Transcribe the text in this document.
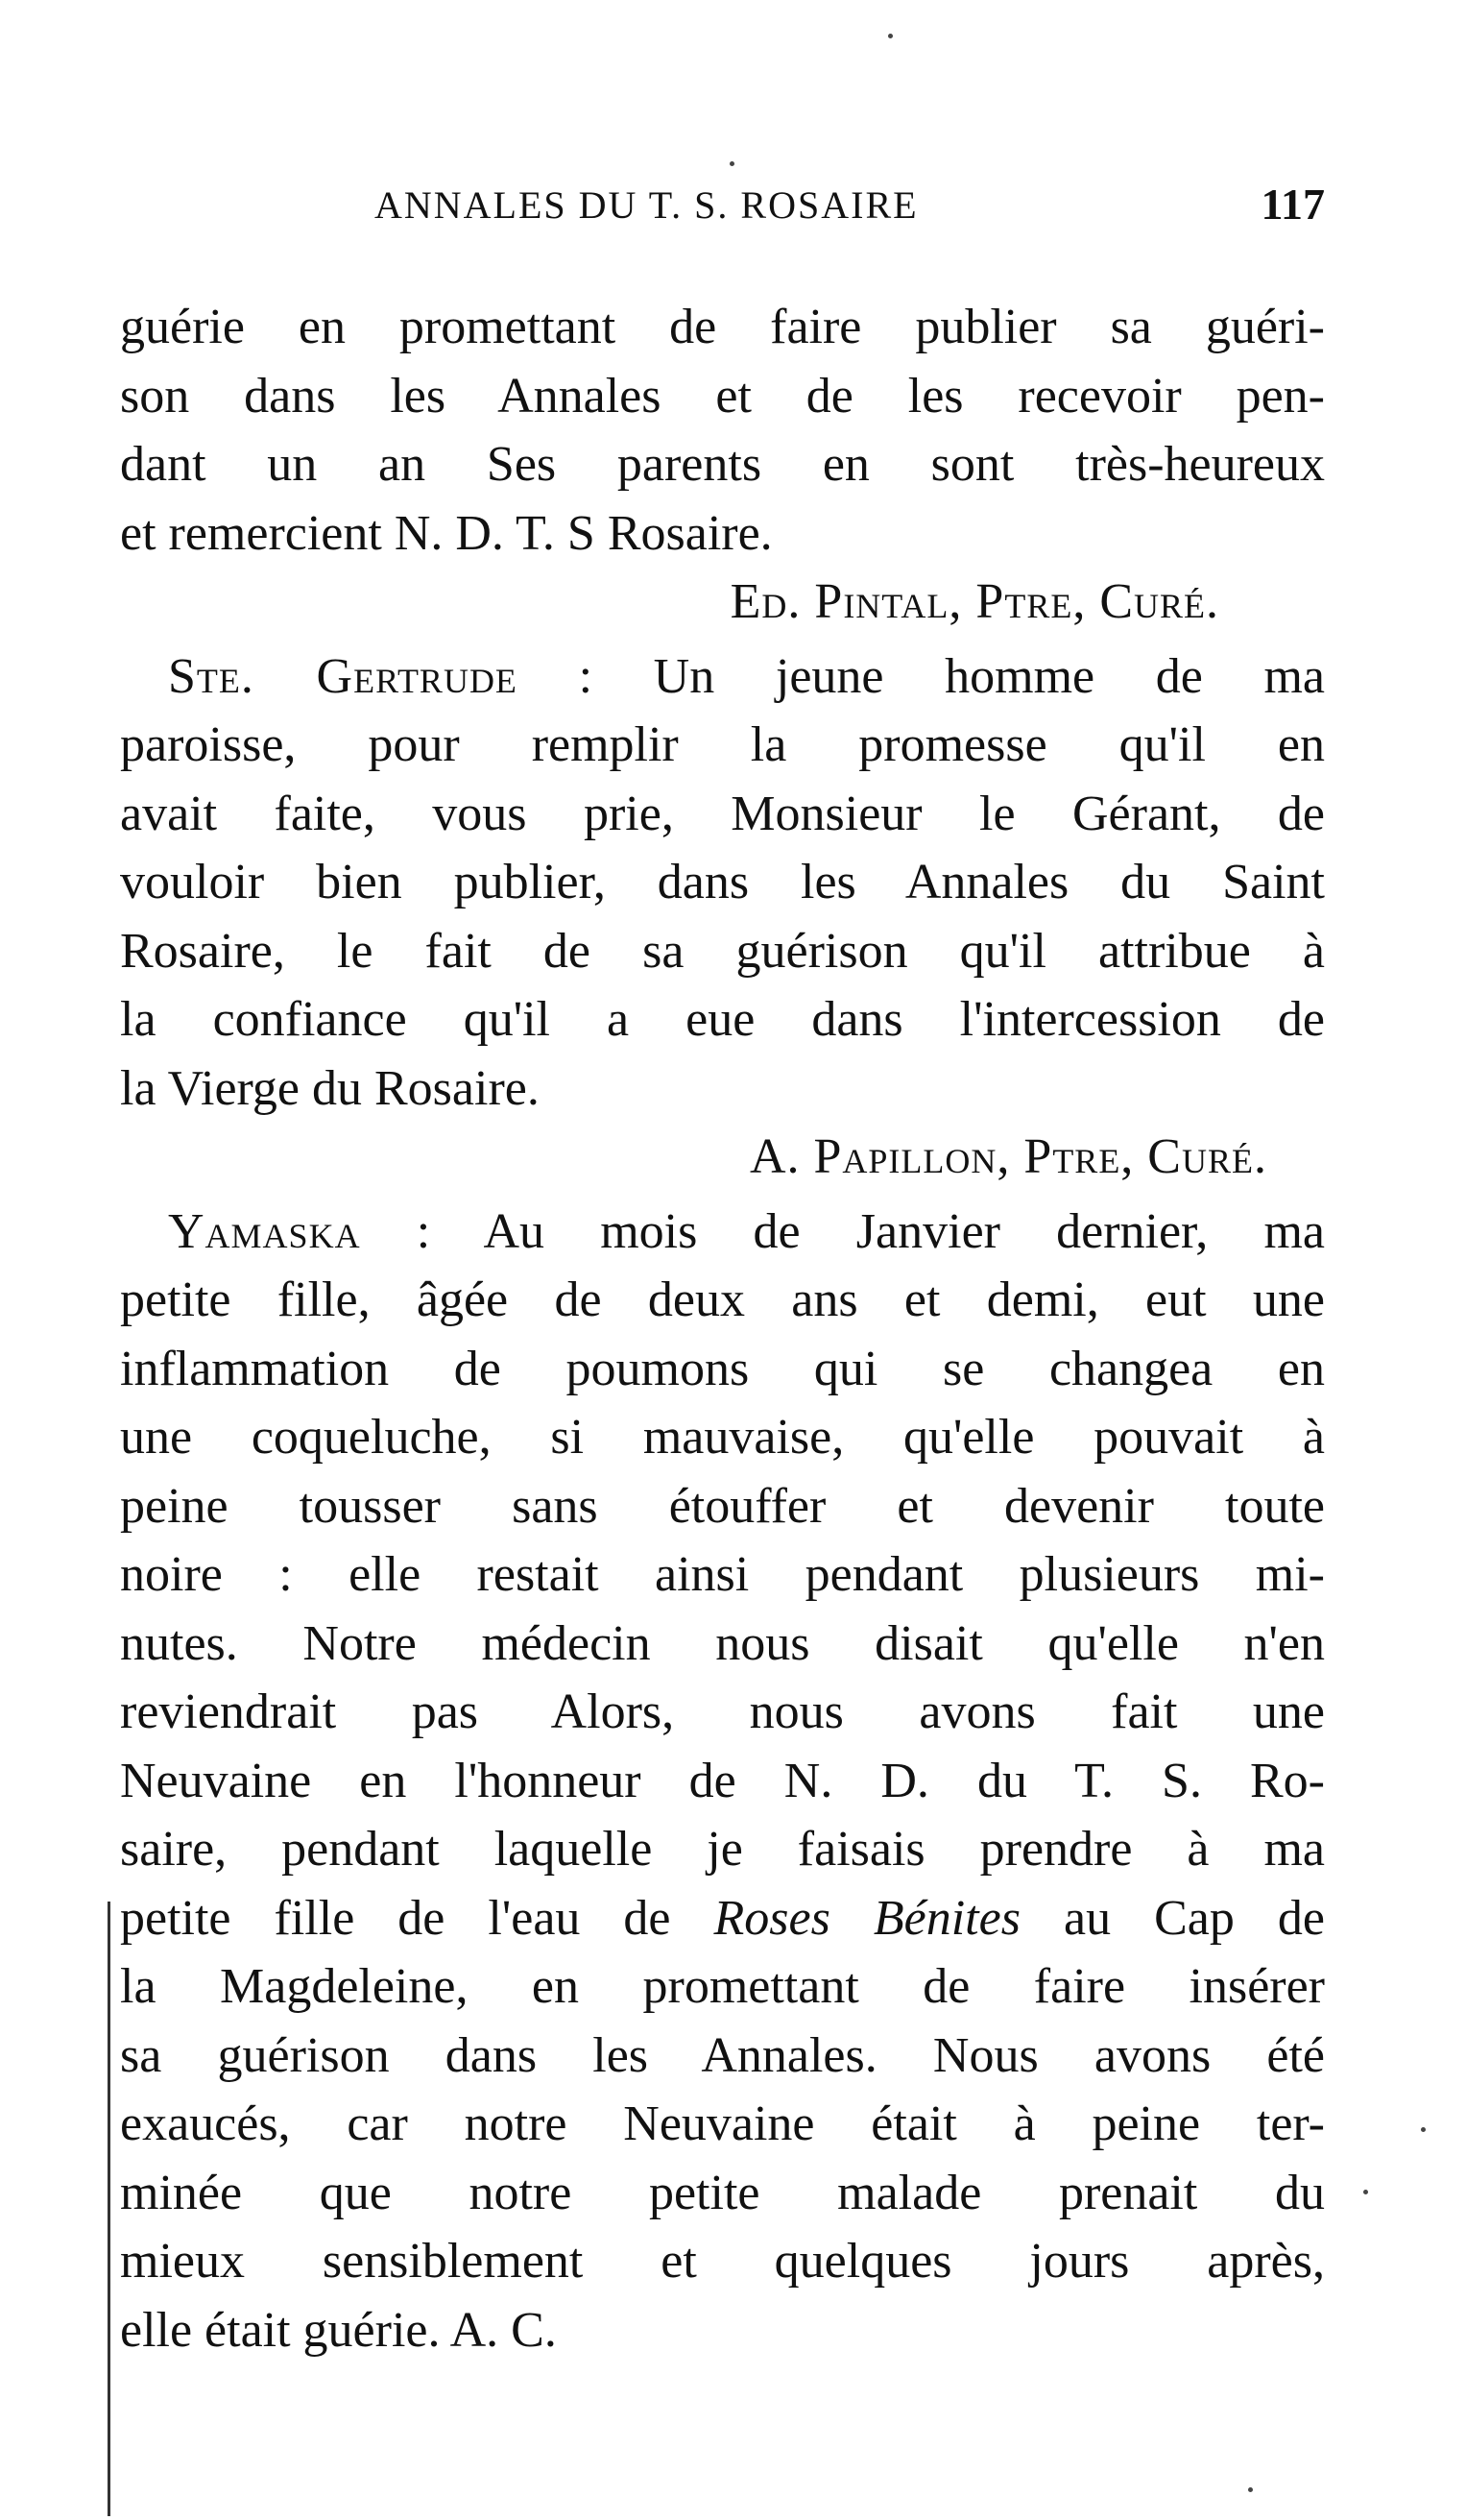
ANNALES DU T. S. ROSAIRE	117
guérie en promettant de faire publier sa guéri-
son dans les Annales et de les recevoir pen-
dant un an Ses parents en sont très-heureux
et remercient N. D. T. S Rosaire.
Ed. Pintal, Ptre, Curé.
Ste. Gertrude : Un jeune homme de ma
paroisse, pour remplir la promesse qu'il en
avait faite, vous prie, Monsieur le Gérant, de
vouloir bien publier, dans les Annales du Saint
Rosaire, le fait de sa guérison qu'il attribue à
la confiance qu'il a eue dans l'intercession de
la Vierge du Rosaire.
A. Papillon, Ptre, Curé.
Yamaska : Au mois de Janvier dernier, ma
petite fille, âgée de deux ans et demi, eut une
inflammation de poumons qui se changea en
une coqueluche, si mauvaise, qu'elle pouvait à
peine tousser sans étouffer et devenir toute
noire : elle restait ainsi pendant plusieurs mi-
nutes. Notre médecin nous disait qu'elle n'en
reviendrait pas Alors, nous avons fait une
Neuvaine en l'honneur de N. D. du T. S. Ro-
saire, pendant laquelle je faisais prendre à ma
petite fille de l'eau de Roses Bénites au Cap de
la Magdeleine, en promettant de faire insérer
sa guérison dans les Annales. Nous avons été
exaucés, car notre Neuvaine était à peine ter-
minée que notre petite malade prenait du
mieux sensiblement et quelques jours après,
elle était guérie. A. C.
